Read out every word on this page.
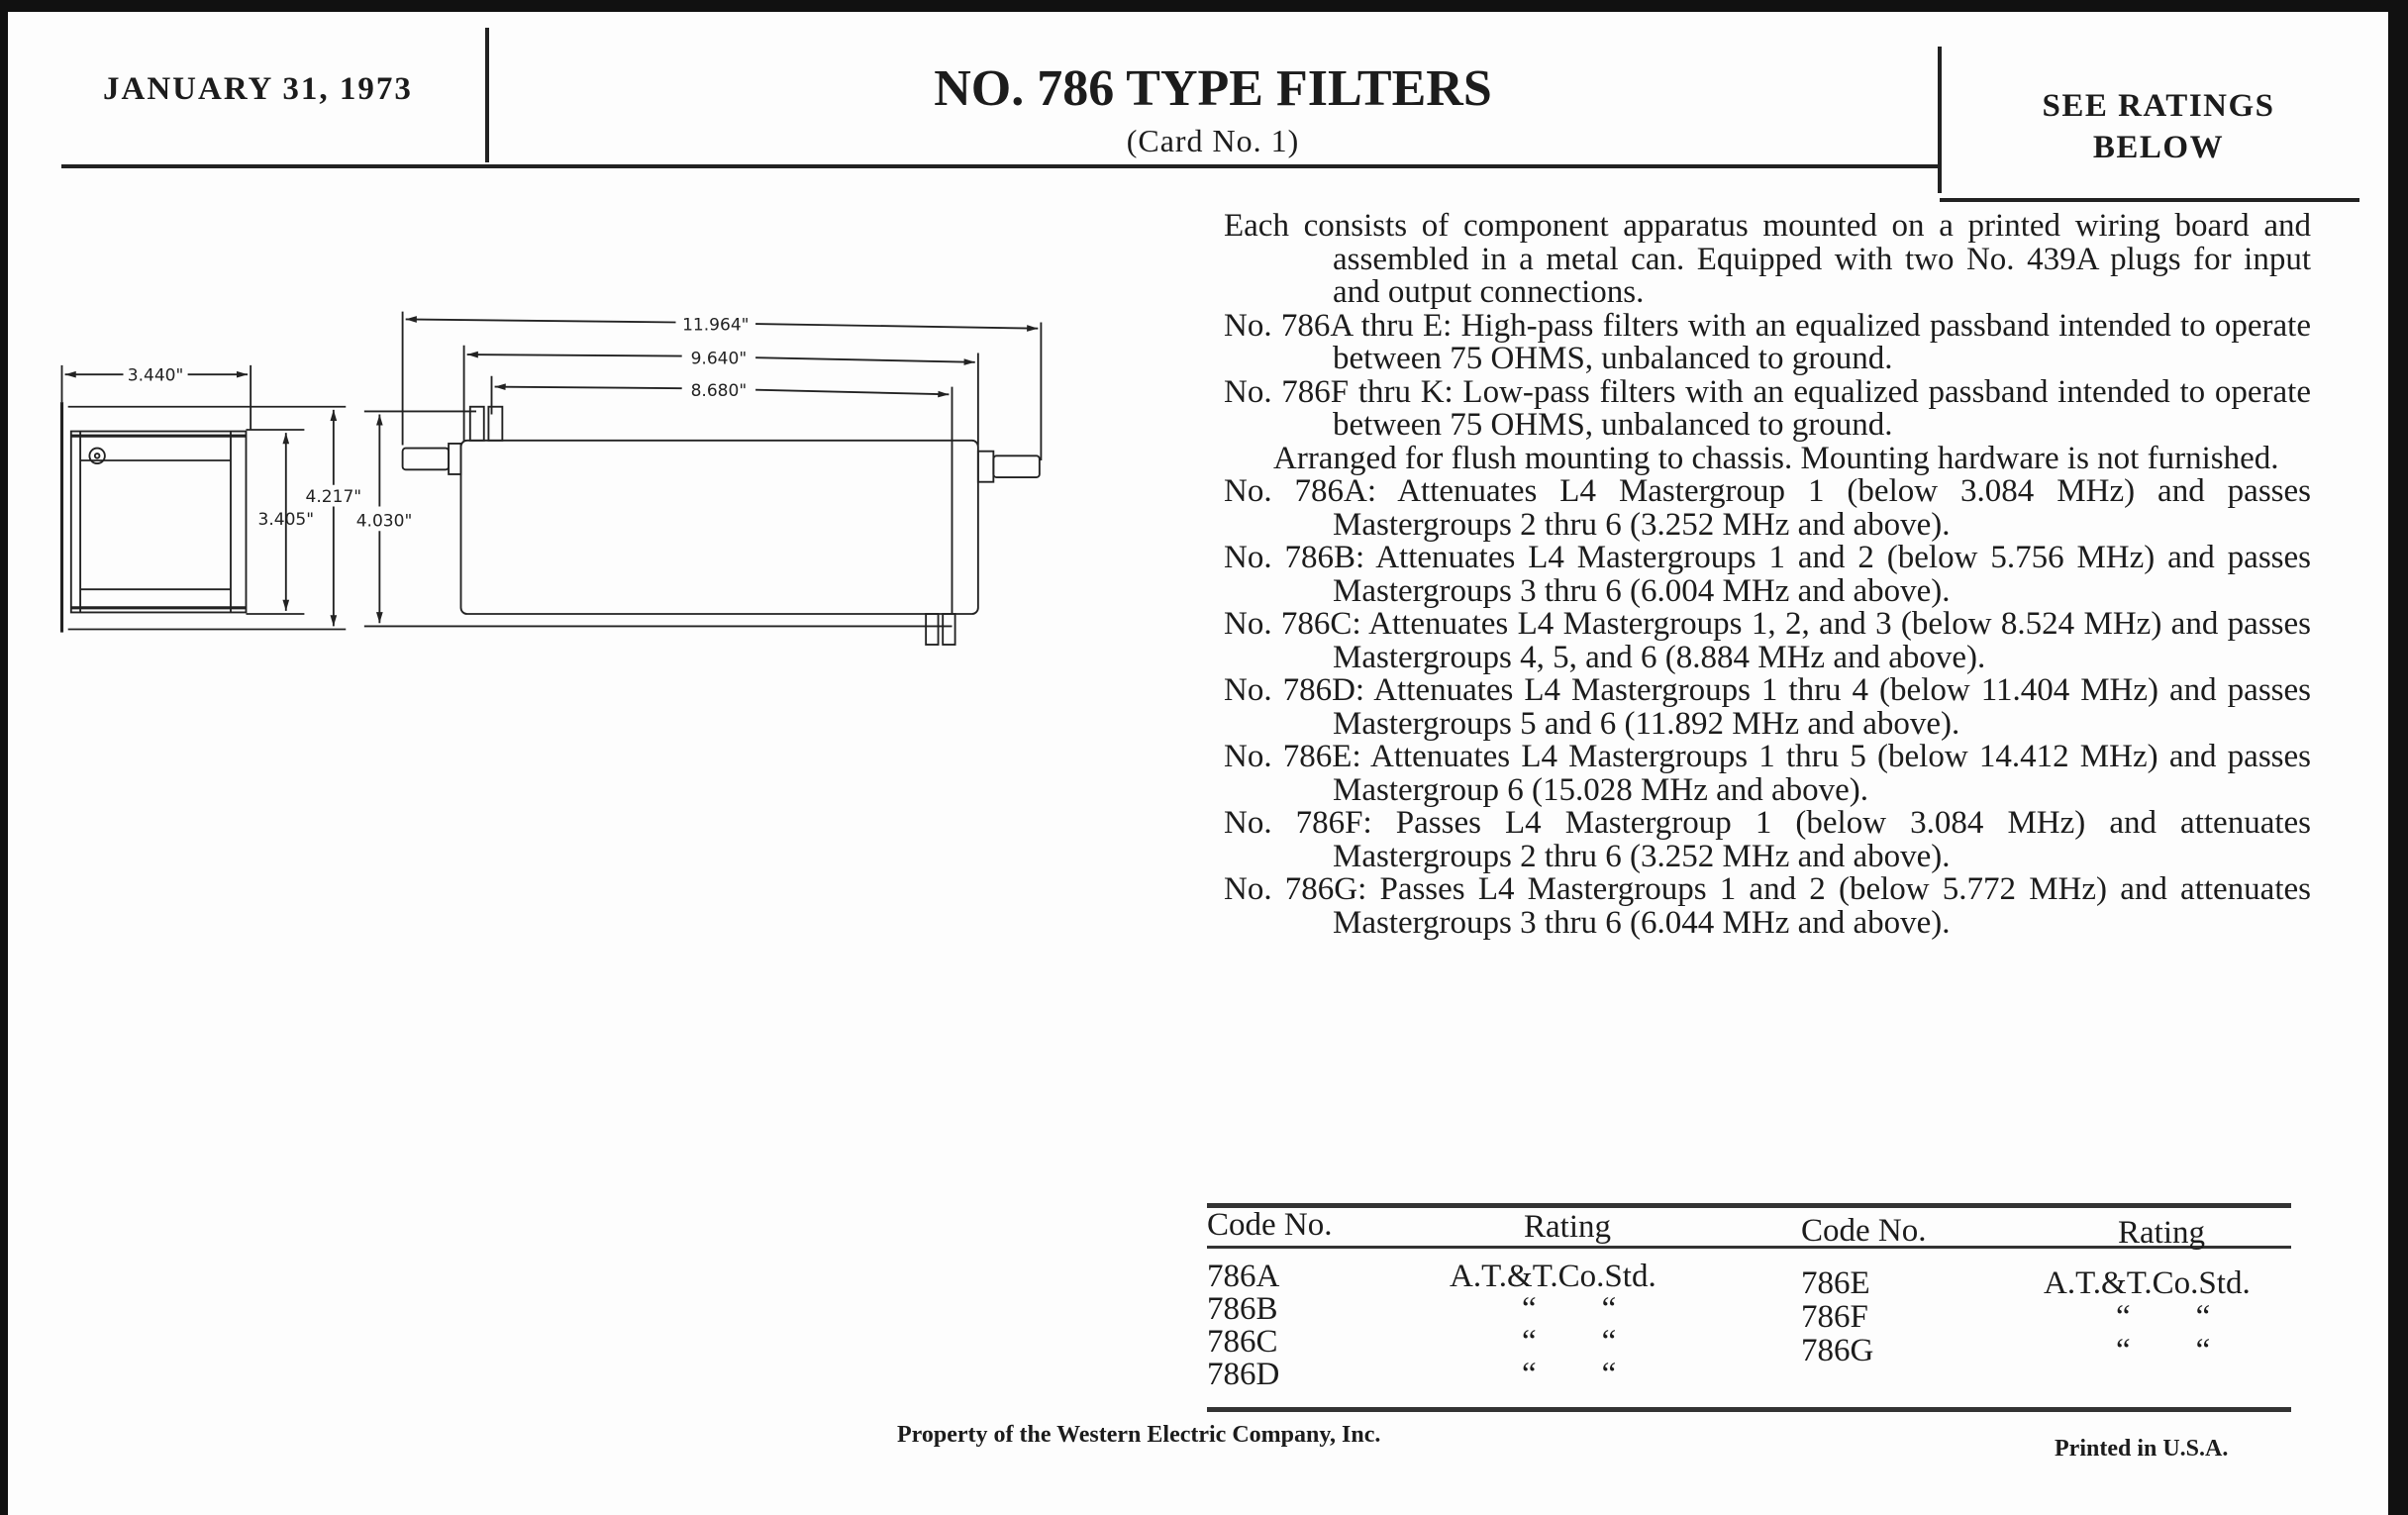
JANUARY 31, 1973	NO. 786 TYPE FILTERS
(Card No. 1)
SEE RATINGS
BELOW
3.440"
3.405"
4.217"
4.030"
11.964"
9.640"
8.680"

Each consists of component apparatus mounted on a printed wiring board and assembled in a metal can. Equipped with two No. 439A plugs for input and output connections.

No. 786A thru E: High-pass filters with an equalized passband intended to operate between 75 OHMS, unbalanced to ground.

No. 786F thru K: Low-pass filters with an equalized passband intended to operate between 75 OHMS, unbalanced to ground.

Arranged for flush mounting to chassis. Mounting hardware is not furnished.

No. 786A: Attenuates L4 Mastergroup 1 (below 3.084 MHz) and passes Mastergroups 2 thru 6 (3.252 MHz and above).

No. 786B: Attenuates L4 Mastergroups 1 and 2 (below 5.756 MHz) and passes Mastergroups 3 thru 6 (6.004 MHz and above).

No. 786C: Attenuates L4 Mastergroups 1, 2, and 3 (below 8.524 MHz) and passes Mastergroups 4, 5, and 6 (8.884 MHz and above).

No. 786D: Attenuates L4 Mastergroups 1 thru 4 (below 11.404 MHz) and passes Mastergroups 5 and 6 (11.892 MHz and above).

No. 786E: Attenuates L4 Mastergroups 1 thru 5 (below 14.412 MHz) and passes Mastergroup 6 (15.028 MHz and above).

No. 786F: Passes L4 Mastergroup 1 (below 3.084 MHz) and attenuates Mastergroups 2 thru 6 (3.252 MHz and above).

No. 786G: Passes L4 Mastergroups 1 and 2 (below 5.772 MHz) and attenuates Mastergroups 3 thru 6 (6.044 MHz and above).

Code No.	Rating	Code No.	Rating
786A	A.T.&T.Co.Std.
786B	“        “
786C	“        “
786D	“        “
786E	A.T.&T.Co.Std.
786F	“        “
786G	“        “
Property of the Western Electric Company, Inc.
Printed in U.S.A.
